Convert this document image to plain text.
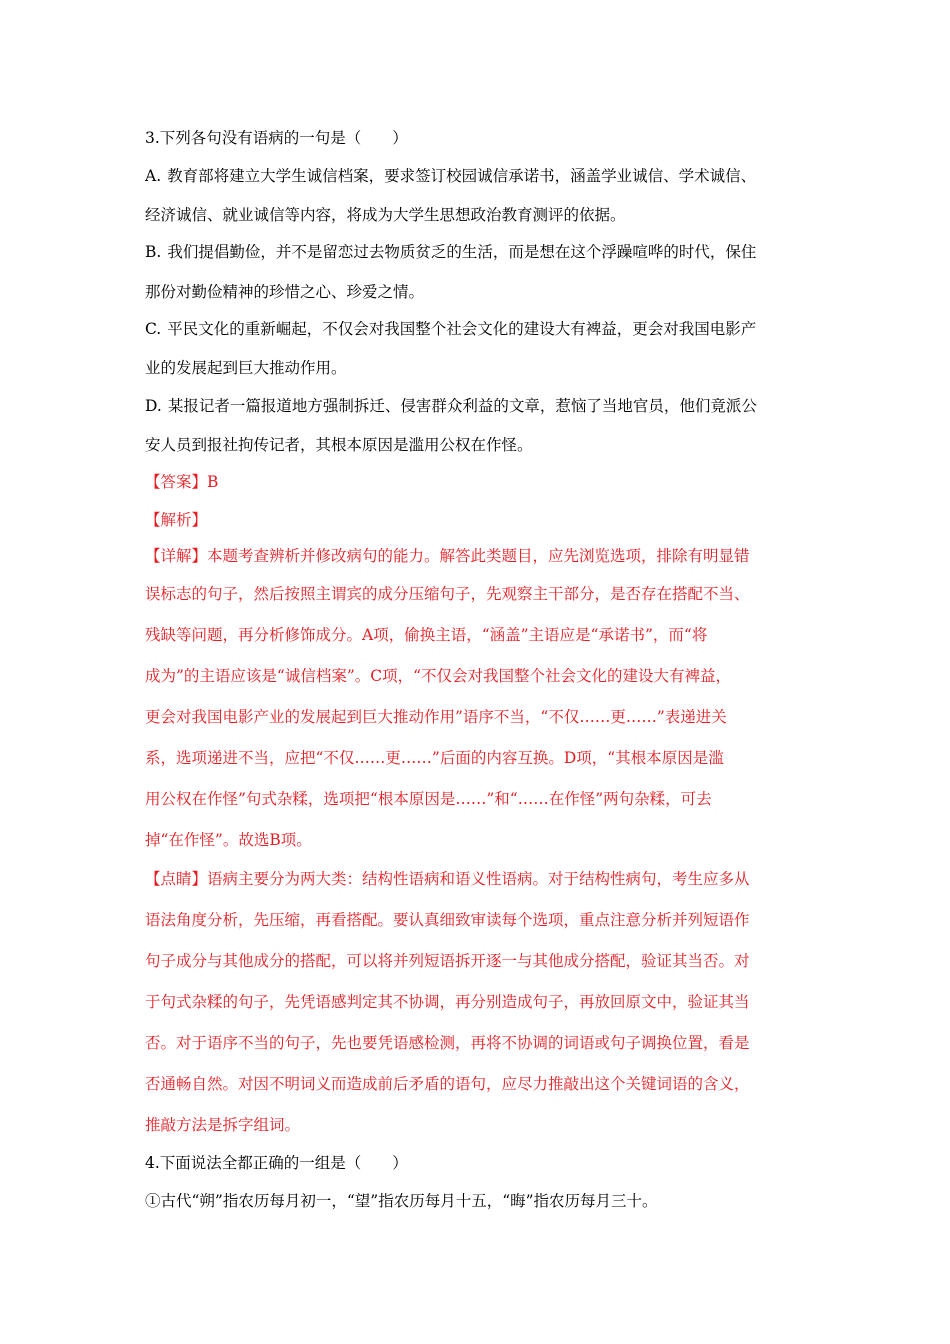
3.下列各句没有语病的一句是（　　）
A. 教育部将建立大学生诚信档案，要求签订校园诚信承诺书，涵盖学业诚信、学术诚信、
经济诚信、就业诚信等内容，将成为大学生思想政治教育测评的依据。
B. 我们提倡勤俭，并不是留恋过去物质贫乏的生活，而是想在这个浮躁喧哗的时代，保住
那份对勤俭精神的珍惜之心、珍爱之情。
C. 平民文化的重新崛起，不仅会对我国整个社会文化的建设大有裨益，更会对我国电影产
业的发展起到巨大推动作用。
D. 某报记者一篇报道地方强制拆迁、侵害群众利益的文章，惹恼了当地官员，他们竟派公
安人员到报社拘传记者，其根本原因是滥用公权在作怪。
【答案】B
【解析】
【详解】本题考查辨析并修改病句的能力。解答此类题目，应先浏览选项，排除有明显错
误标志的句子，然后按照主谓宾的成分压缩句子，先观察主干部分，是否存在搭配不当、
残缺等问题，再分析修饰成分。A项，偷换主语，“涵盖”主语应是“承诺书”，而“将
成为”的主语应该是“诚信档案”。C项，“不仅会对我国整个社会文化的建设大有裨益，
更会对我国电影产业的发展起到巨大推动作用”语序不当，“不仅……更……”表递进关
系，选项递进不当，应把“不仅……更……”后面的内容互换。D项，“其根本原因是滥
用公权在作怪”句式杂糅，选项把“根本原因是……”和“……在作怪”两句杂糅，可去
掉“在作怪”。故选B项。
【点睛】语病主要分为两大类：结构性语病和语义性语病。对于结构性病句，考生应多从
语法角度分析，先压缩，再看搭配。要认真细致审读每个选项，重点注意分析并列短语作
句子成分与其他成分的搭配，可以将并列短语拆开逐一与其他成分搭配，验证其当否。对
于句式杂糅的句子，先凭语感判定其不协调，再分别造成句子，再放回原文中，验证其当
否。对于语序不当的句子，先也要凭语感检测，再将不协调的词语或句子调换位置，看是
否通畅自然。对因不明词义而造成前后矛盾的语句，应尽力推敲出这个关键词语的含义，
推敲方法是拆字组词。
4.下面说法全都正确的一组是（　　）
①古代“朔”指农历每月初一，“望”指农历每月十五，“晦”指农历每月三十。
